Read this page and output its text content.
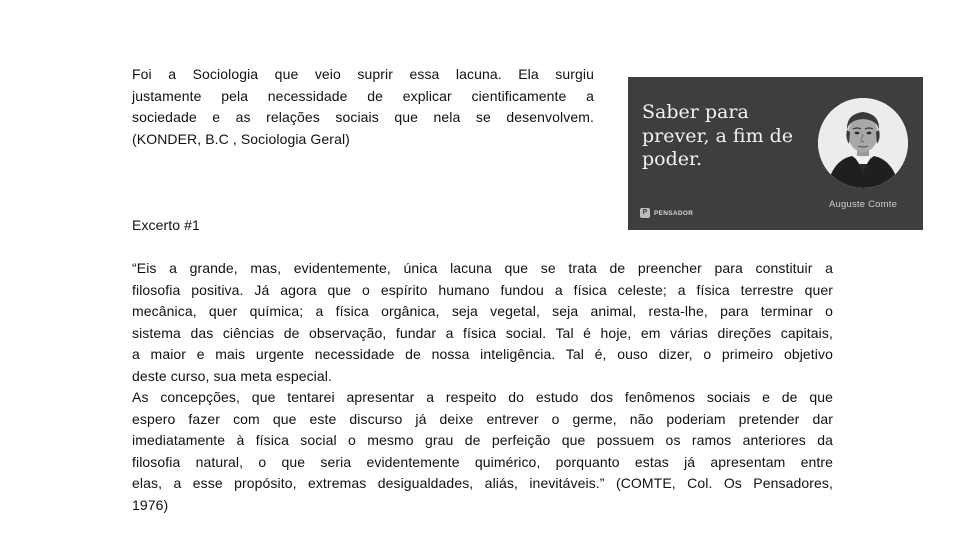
Foi a Sociologia que veio suprir essa lacuna. Ela surgiu
justamente pela necessidade de explicar cientificamente a
sociedade e as relações sociais que nela se desenvolvem.
(KONDER, B.C , Sociologia Geral)
Excerto #1
“Eis a grande, mas, evidentemente, única lacuna que se trata de preencher para constituir a
filosofia positiva. Já agora que o espírito humano fundou a física celeste; a física terrestre quer
mecânica, quer química; a física orgânica, seja vegetal, seja animal, resta-lhe, para terminar o
sistema das ciências de observação, fundar a física social. Tal é hoje, em várias direções capitais,
a maior e mais urgente necessidade de nossa inteligência. Tal é, ouso dizer, o primeiro objetivo
deste curso, sua meta especial.
As concepções, que tentarei apresentar a respeito do estudo dos fenômenos sociais e de que
espero fazer com que este discurso já deixe entrever o germe, não poderiam pretender dar
imediatamente à física social o mesmo grau de perfeição que possuem os ramos anteriores da
filosofia natural, o que seria evidentemente quimérico, porquanto estas já apresentam entre
elas, a esse propósito, extremas desigualdades, aliás, inevitáveis.” (COMTE, Col. Os Pensadores,
1976)
Saber para
prever, a fim de
poder.
Auguste Comte
P	PENSADOR
